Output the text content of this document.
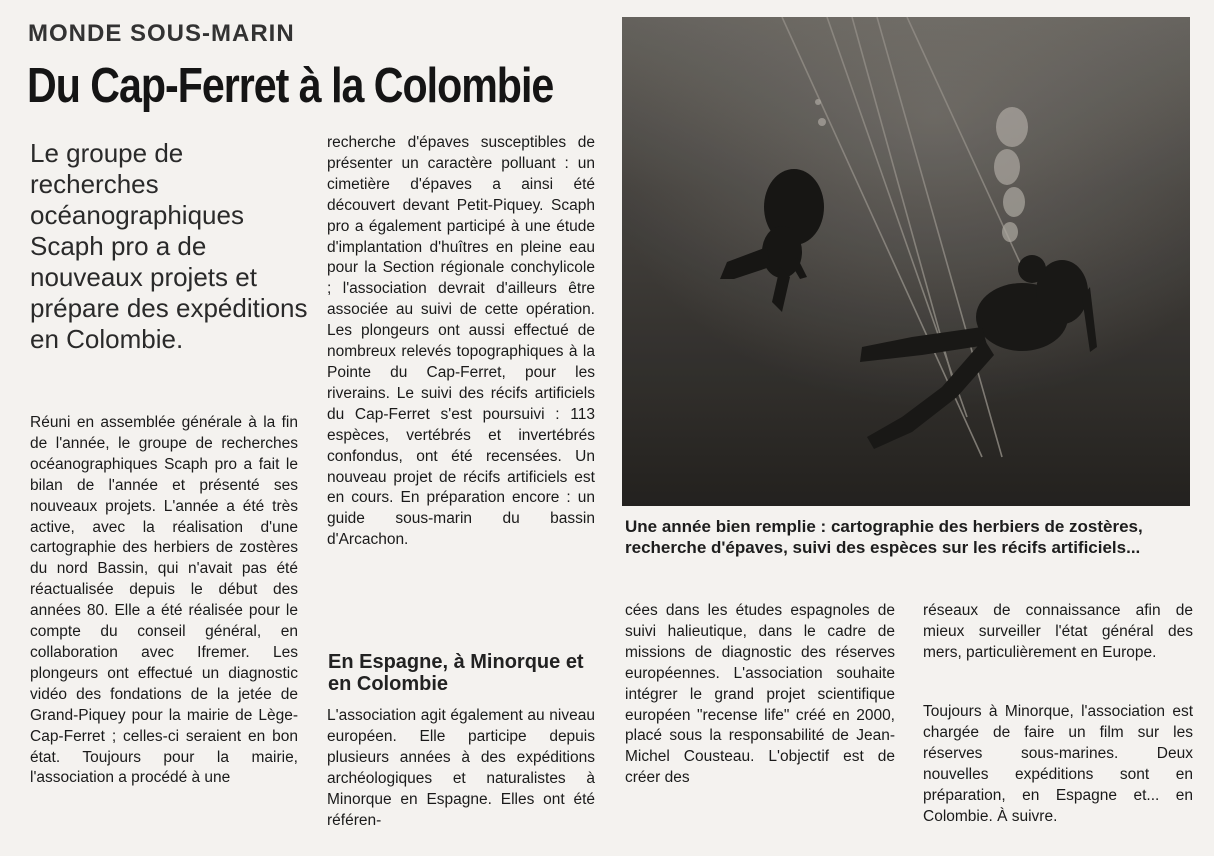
MONDE SOUS-MARIN
Du Cap-Ferret à la Colombie
Le groupe de recherches océanographiques Scaph pro a de nouveaux projets et prépare des expéditions en Colombie.
Réuni en assemblée générale à la fin de l'année, le groupe de recherches océanographiques Scaph pro a fait le bilan de l'année et présenté ses nouveaux projets. L'année a été très active, avec la réalisation d'une cartographie des herbiers de zostères du nord Bassin, qui n'avait pas été réactualisée depuis le début des années 80. Elle a été réalisée pour le compte du conseil général, en collaboration avec Ifremer. Les plongeurs ont effectué un diagnostic vidéo des fondations de la jetée de Grand-Piquey pour la mairie de Lège-Cap-Ferret ; celles-ci seraient en bon état. Toujours pour la mairie, l'association a procédé à une
recherche d'épaves susceptibles de présenter un caractère polluant : un cimetière d'épaves a ainsi été découvert devant Petit-Piquey. Scaph pro a également participé à une étude d'implantation d'huîtres en pleine eau pour la Section régionale conchylicole ; l'association devrait d'ailleurs être associée au suivi de cette opération. Les plongeurs ont aussi effectué de nombreux relevés topographiques à la Pointe du Cap-Ferret, pour les riverains. Le suivi des récifs artificiels du Cap-Ferret s'est poursuivi : 113 espèces, vertébrés et invertébrés confondus, ont été recensées. Un nouveau projet de récifs artificiels est en cours. En préparation encore : un guide sous-marin du bassin d'Arcachon.
En Espagne, à Minorque et en Colombie
L'association agit également au niveau européen. Elle participe depuis plusieurs années à des expéditions archéologiques et naturalistes à Minorque en Espagne. Elles ont été référen-
Une année bien remplie : cartographie des herbiers de zostères, recherche d'épaves, suivi des espèces sur les récifs artificiels...
cées dans les études espagnoles de suivi halieutique, dans le cadre de missions de diagnostic des réserves européennes. L'association souhaite intégrer le grand projet scientifique européen "recense life" créé en 2000, placé sous la responsabilité de Jean-Michel Cousteau. L'objectif est de créer des
réseaux de connaissance afin de mieux surveiller l'état général des mers, particulièrement en Europe.
Toujours à Minorque, l'association est chargée de faire un film sur les réserves sous-marines. Deux nouvelles expéditions sont en préparation, en Espagne et... en Colombie. À suivre.
